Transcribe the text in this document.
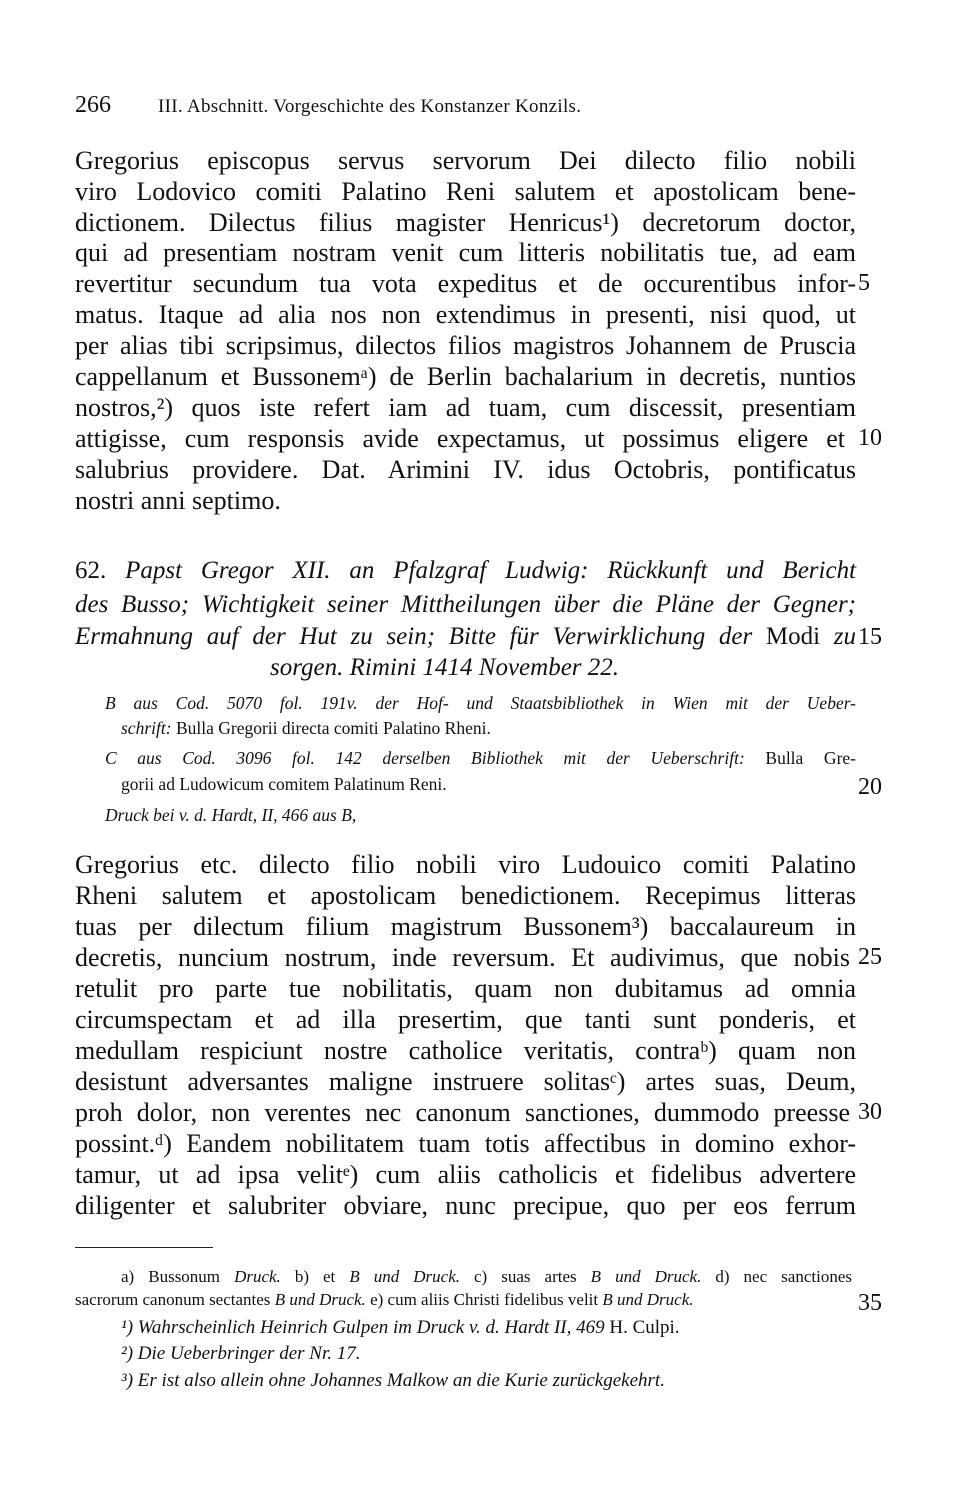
266 III. Abschnitt. Vorgeschichte des Konstanzer Konzils.
Gregorius episcopus servus servorum Dei dilecto filio nobili
viro Lodovico comiti Palatino Reni salutem et apostolicam bene-
dictionem. Dilectus filius magister Henricus¹) decretorum doctor,
qui ad presentiam nostram venit cum litteris nobilitatis tue, ad eam
revertitur secundum tua vota expeditus et de occurentibus infor-
matus. Itaque ad alia nos non extendimus in presenti, nisi quod, ut
per alias tibi scripsimus, dilectos filios magistros Johannem de Pruscia
cappellanum et Bussonemᵃ) de Berlin bachalarium in decretis, nuntios
nostros,²) quos iste refert iam ad tuam, cum discessit, presentiam
attigisse, cum responsis avide expectamus, ut possimus eligere et
salubrius providere. Dat. Arimini IV. idus Octobris, pontificatus
nostri anni septimo.
62. Papst Gregor XII. an Pfalzgraf Ludwig: Rückkunft und Bericht
des Busso; Wichtigkeit seiner Mittheilungen über die Pläne der Gegner;
Ermahnung auf der Hut zu sein; Bitte für Verwirklichung der Modi zu
sorgen. Rimini 1414 November 22.
B aus Cod. 5070 fol. 191v. der Hof- und Staatsbibliothek in Wien mit der Ueber-
schrift: Bulla Gregorii directa comiti Palatino Rheni.
C aus Cod. 3096 fol. 142 derselben Bibliothek mit der Ueberschrift: Bulla Gre-
gorii ad Ludowicum comitem Palatinum Reni.
Druck bei v. d. Hardt, II, 466 aus B,
Gregorius etc. dilecto filio nobili viro Ludouico comiti Palatino
Rheni salutem et apostolicam benedictionem. Recepimus litteras
tuas per dilectum filium magistrum Bussonem³) baccalaureum in
decretis, nuncium nostrum, inde reversum. Et audivimus, que nobis
retulit pro parte tue nobilitatis, quam non dubitamus ad omnia
circumspectam et ad illa presertim, que tanti sunt ponderis, et
medullam respiciunt nostre catholice veritatis, contraᵇ) quam non
desistunt adversantes maligne instruere solitasᶜ) artes suas, Deum,
proh dolor, non verentes nec canonum sanctiones, dummodo preesse
possint.ᵈ) Eandem nobilitatem tuam totis affectibus in domino exhor-
tamur, ut ad ipsa velitᵉ) cum aliis catholicis et fidelibus advertere
diligenter et salubriter obviare, nunc precipue, quo per eos ferrum
5
10
15
20
25
30
35
a) Bussonum Druck. b) et B und Druck. c) suas artes B und Druck. d) nec sanctiones
sacrorum canonum sectantes B und Druck. e) cum aliis Christi fidelibus velit B und Druck.
¹) Wahrscheinlich Heinrich Gulpen im Druck v. d. Hardt II, 469 H. Culpi.
²) Die Ueberbringer der Nr. 17.
³) Er ist also allein ohne Johannes Malkow an die Kurie zurückgekehrt.
